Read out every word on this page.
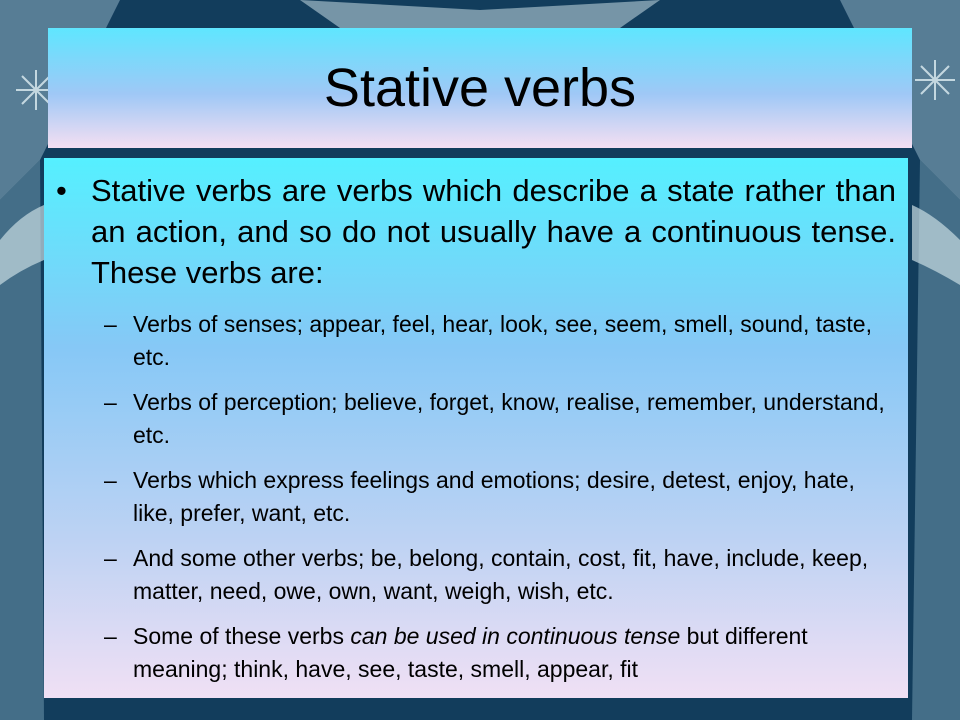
Stative verbs
• Stative verbs are verbs which describe a state rather than an action, and so do not usually have a continuous tense. These verbs are:
– Verbs of senses; appear, feel, hear, look, see, seem, smell, sound, taste, etc.
– Verbs of perception; believe, forget, know, realise, remember, understand, etc.
– Verbs which express feelings and emotions; desire, detest, enjoy, hate, like, prefer, want, etc.
– And some other verbs; be, belong, contain, cost, fit, have, include, keep, matter, need, owe, own, want, weigh, wish, etc.
– Some of these verbs can be used in continuous tense but different meaning; think, have, see, taste, smell, appear, fit
